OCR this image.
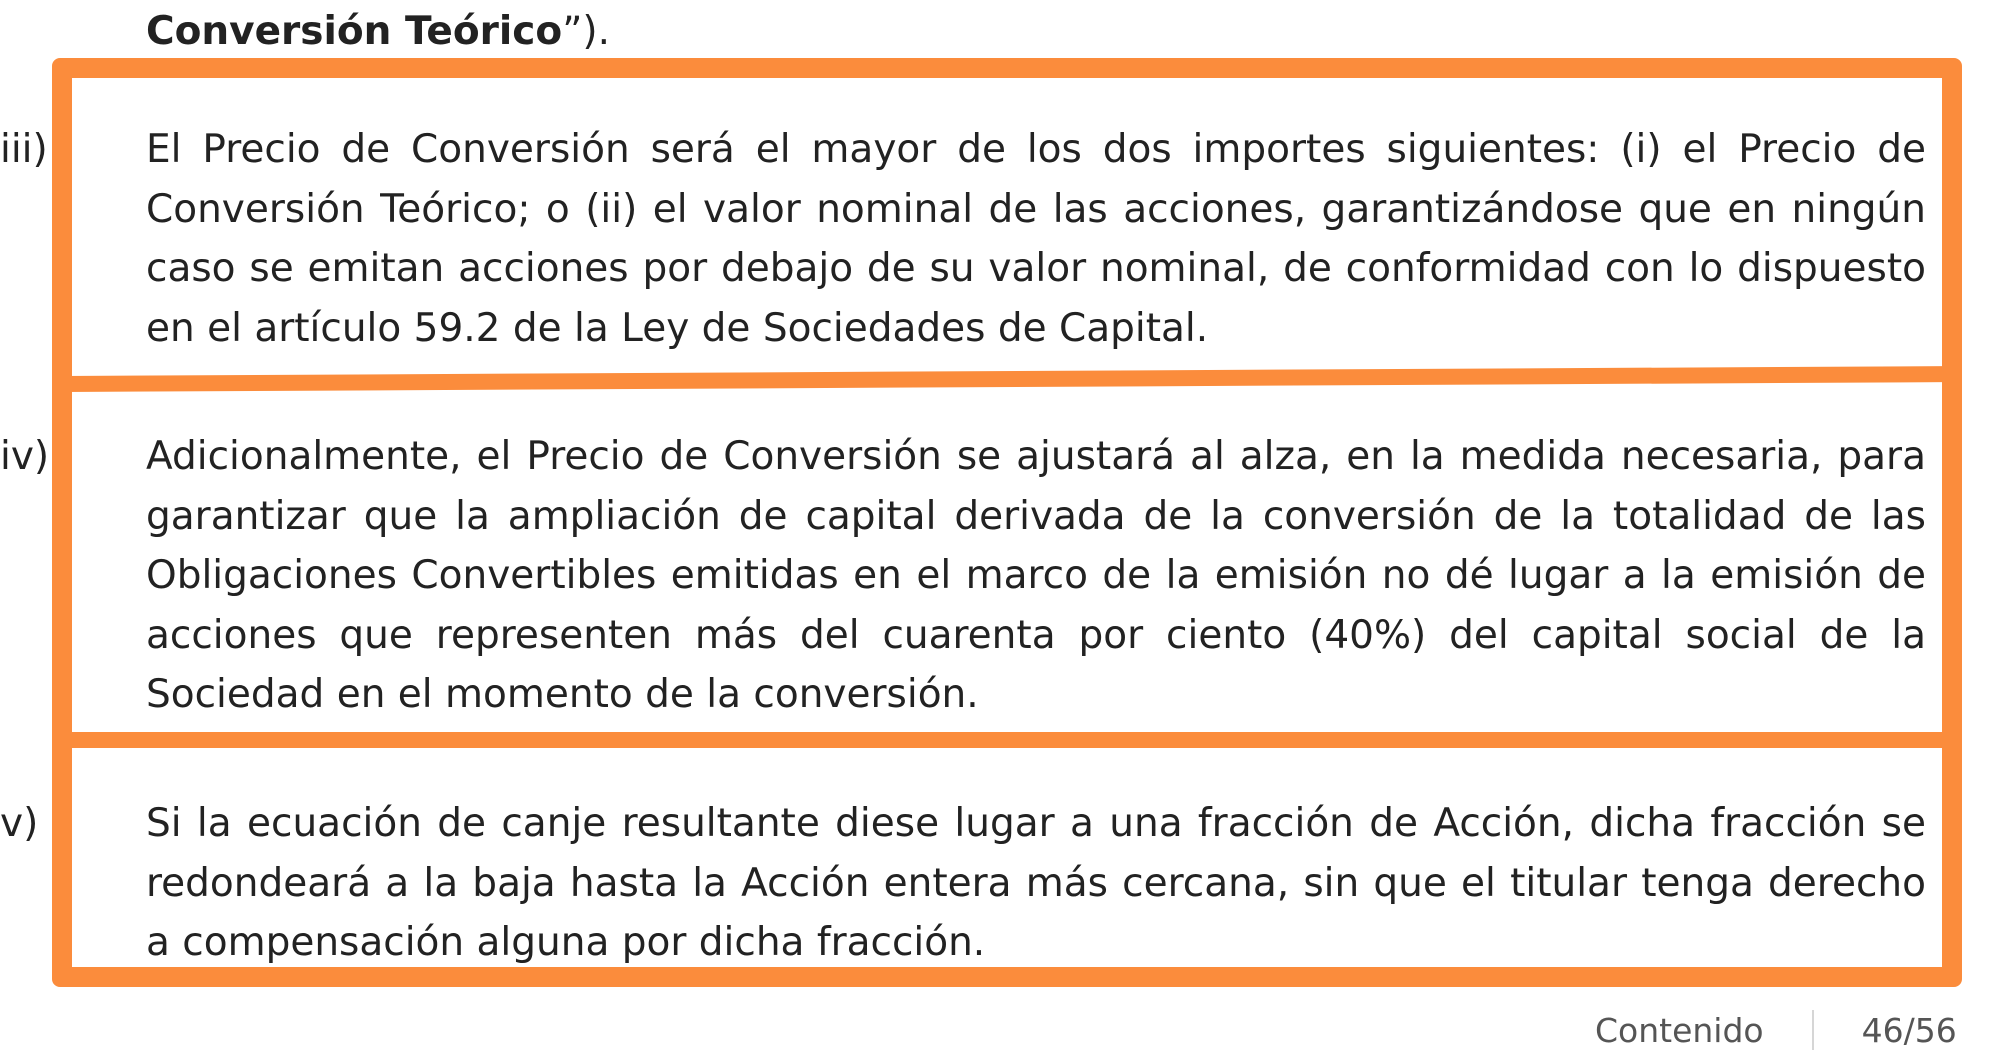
Conversión Teórico”).
iii)	El Precio de Conversión será el mayor de los dos importes siguientes: (i) el Precio de Conversión Teórico; o (ii) el valor nominal de las acciones, garantizándose que en ningún caso se emitan acciones por debajo de su valor nominal, de conformidad con lo dispuesto en el artículo 59.2 de la Ley de Sociedades de Capital.
iv) Adicionalmente, el Precio de Conversión se ajustará al alza, en la medida necesaria, para garantizar que la ampliación de capital derivada de la conversión de la totalidad de las Obligaciones Convertibles emitidas en el marco de la emisión no dé lugar a la emisión de acciones que representen más del cuarenta por ciento (40%) del capital social de la Sociedad en el momento de la conversión.
v)	Si la ecuación de canje resultante diese lugar a una fracción de Acción, dicha fracción se redondeará a la baja hasta la Acción entera más cercana, sin que el titular tenga derecho a compensación alguna por dicha fracción.
Contenido	46/56
